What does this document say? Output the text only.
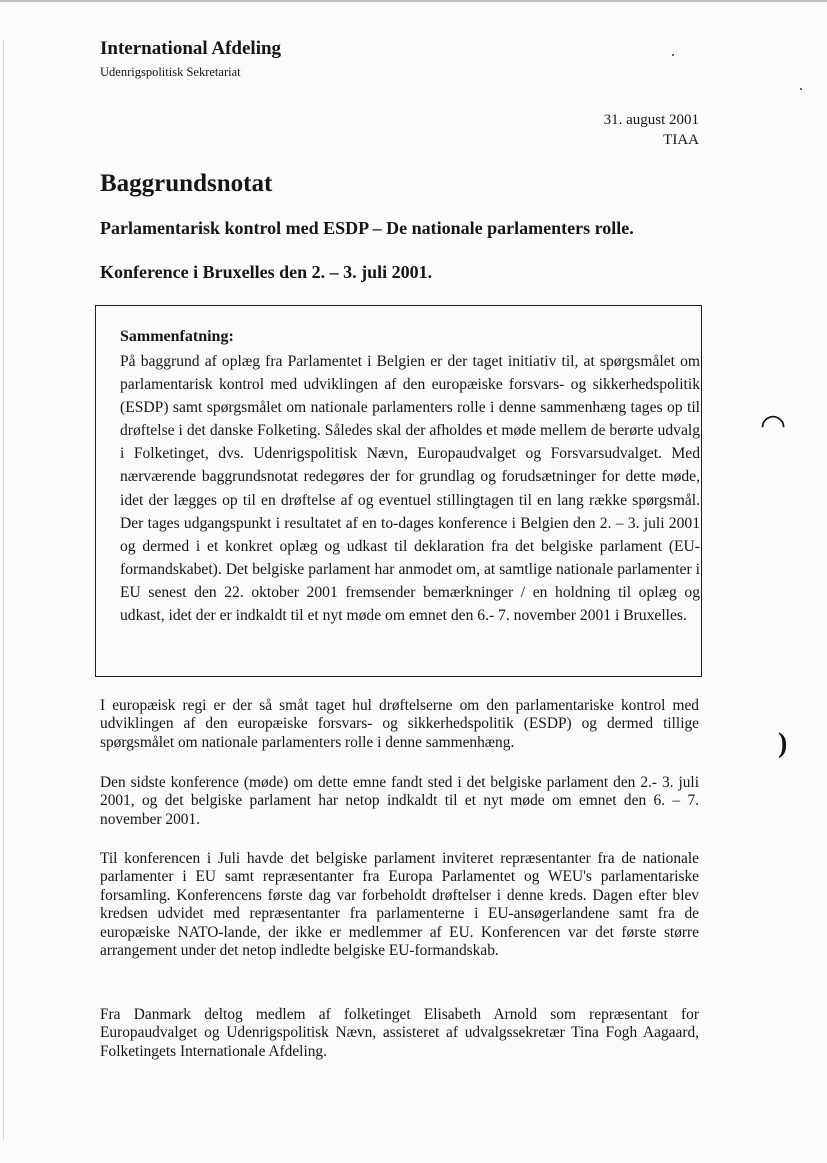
International Afdeling
Udenrigspolitisk Sekretariat
31. august 2001
TIAA
Baggrundsnotat
Parlamentarisk kontrol med ESDP – De nationale parlamenters rolle.
Konference i Bruxelles den 2. – 3. juli 2001.
Sammenfatning:
På baggrund af oplæg fra Parlamentet i Belgien er der taget initiativ til, at spørgsmålet om parlamentarisk kontrol med udviklingen af den europæiske forsvars- og sikkerhedspolitik (ESDP) samt spørgsmålet om nationale parlamenters rolle i denne sammenhæng tages op til drøftelse i det danske Folketing. Således skal der afholdes et møde mellem de berørte udvalg i Folketinget, dvs. Udenrigspolitisk Nævn, Europaudvalget og Forsvarsudvalget. Med nærværende baggrundsnotat redegøres der for grundlag og forudsætninger for dette møde, idet der lægges op til en drøftelse af og eventuel stillingtagen til en lang række spørgsmål. Der tages udgangspunkt i resultatet af en to-dages konference i Belgien den 2. – 3. juli 2001 og dermed i et konkret oplæg og udkast til deklaration fra det belgiske parlament (EU-formandskabet). Det belgiske parlament har anmodet om, at samtlige nationale parlamenter i EU senest den 22. oktober 2001 fremsender bemærkninger / en holdning til oplæg og udkast, idet der er indkaldt til et nyt møde om emnet den 6.- 7. november 2001 i Bruxelles.
I europæisk regi er der så småt taget hul drøftelserne om den parlamentariske kontrol med udviklingen af den europæiske forsvars- og sikkerhedspolitik (ESDP) og dermed tillige spørgsmålet om nationale parlamenters rolle i denne sammenhæng.
Den sidste konference (møde) om dette emne fandt sted i det belgiske parlament den 2.- 3. juli 2001, og det belgiske parlament har netop indkaldt til et nyt møde om emnet den 6. – 7. november 2001.
Til konferencen i Juli havde det belgiske parlament inviteret repræsentanter fra de nationale parlamenter i EU samt repræsentanter fra Europa Parlamentet og WEU's parlamentariske forsamling. Konferencens første dag var forbeholdt drøftelser i denne kreds. Dagen efter blev kredsen udvidet med repræsentanter fra parlamenterne i EU-ansøgerlandene samt fra de europæiske NATO-lande, der ikke er medlemmer af EU. Konferencen var det første større arrangement under det netop indledte belgiske EU-formandskab.
Fra Danmark deltog medlem af folketinget Elisabeth Arnold som repræsentant for Europaudvalget og Udenrigspolitisk Nævn, assisteret af udvalgssekretær Tina Fogh Aagaard, Folketingets Internationale Afdeling.
◠
)
